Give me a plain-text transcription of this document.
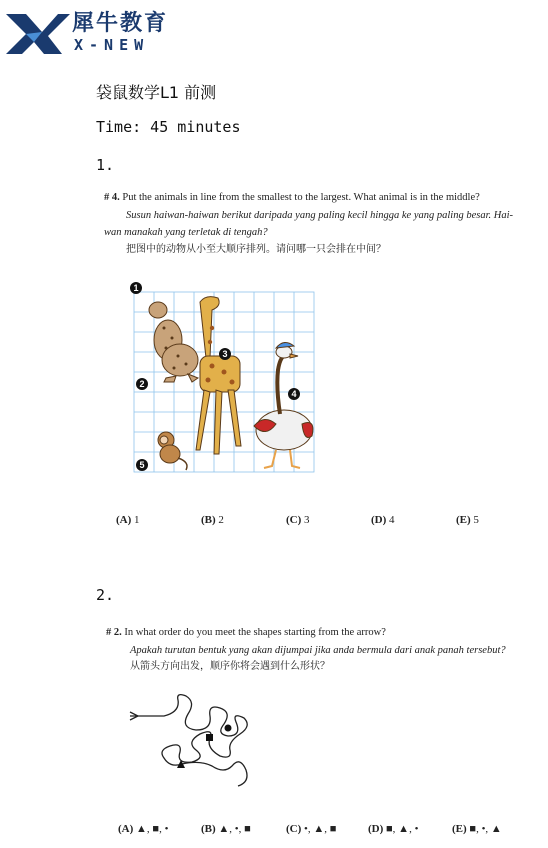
犀牛教育
X-NEW
袋鼠数学L1 前测
Time: 45 minutes
1.
# 4. Put the animals in line from the smallest to the largest. What animal is in the middle?
Susun haiwan-haiwan berikut daripada yang paling kecil hingga ke yang paling besar. Hai-
wan manakah yang terletak di tengah?
把图中的动物从小至大顺序排列。请问哪一只会排在中间？
1
2
3
4
5
(A) 1	(B) 2	(C) 3	(D) 4	(E) 5
2.
# 2. In what order do you meet the shapes starting from the arrow?
Apakah turutan bentuk yang akan dijumpai jika anda bermula dari anak panah tersebut?
从箭头方向出发，顺序你将会遇到什么形状？
(A) ▲, ■, •	(B) ▲, •, ■	(C) •, ▲, ■	(D) ■, ▲, •	(E) ■, •, ▲
